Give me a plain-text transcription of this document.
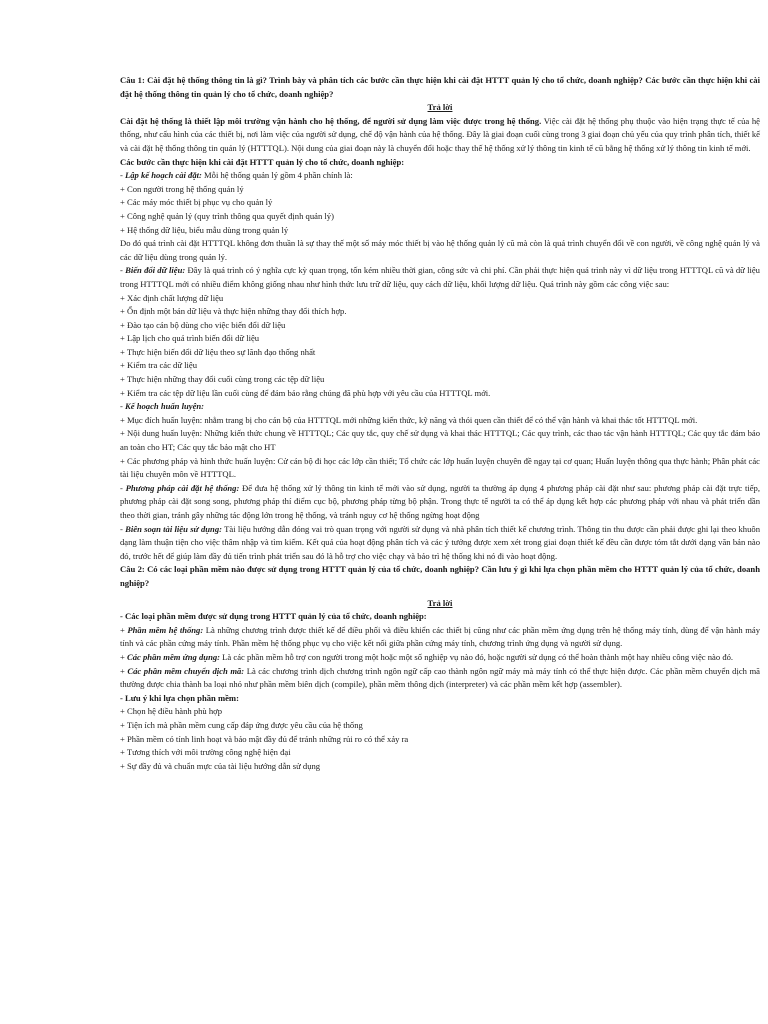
Câu 1: Cài đặt hệ thống thông tin là gì? Trình bày và phân tích các bước cần thực hiện khi cài đặt HTTT quản lý cho tổ chức, doanh nghiệp? Các bước cần thực hiện khi cài đặt hệ thống thông tin quản lý cho tổ chức, doanh nghiệp?

Trả lời

Cài đặt hệ thống là thiết lập môi trường vận hành cho hệ thống, để người sử dụng làm việc được trong hệ thống. Việc cài đặt hệ thống phụ thuộc vào hiện trạng thực tế của hệ thống, như cấu hình của các thiết bị, nơi làm việc của người sử dụng, chế độ vận hành của hệ thống. Đây là giai đoạn cuối cùng trong 3 giai đoạn chủ yếu của quy trình phân tích, thiết kế và cài đặt hệ thống thông tin quản lý (HTTTQL). Nội dung của giai đoạn này là chuyển đổi hoặc thay thế hệ thống xử lý thông tin kinh tế cũ bằng hệ thống xử lý thông tin kinh tế mới.

Các bước cần thực hiện khi cài đặt HTTT quản lý cho tổ chức, doanh nghiệp:

- Lập kế hoạch cài đặt: Mỗi hệ thống quản lý gồm 4 phần chính là:

+ Con người trong hệ thống quản lý

+ Các máy móc thiết bị phục vụ cho quản lý

+ Công nghệ quản lý (quy trình thông qua quyết định quản lý)

+ Hệ thống dữ liệu, biểu mẫu dùng trong quản lý

Do đó quá trình cài đặt HTTTQL không đơn thuần là sự thay thế một số máy móc thiết bị vào hệ thống quản lý cũ mà còn là quá trình chuyển đổi về con người, về công nghệ quản lý và các dữ liệu dùng trong quản lý.

- Biến đổi dữ liệu: Đây là quá trình có ý nghĩa cực kỳ quan trọng, tốn kém nhiều thời gian, công sức và chi phí. Cần phải thực hiện quá trình này vì dữ liệu trong HTTTQL cũ và dữ liệu trong HTTTQL mới có nhiều điểm không giống nhau như hình thức lưu trữ dữ liệu, quy cách dữ liệu, khối lượng dữ liệu. Quá trình này gồm các công việc sau:

+ Xác định chất lượng dữ liệu

+ Ổn định một bản dữ liệu và thực hiện những thay đổi thích hợp.

+ Đào tạo cán bộ dùng cho việc biến đổi dữ liệu

+ Lập lịch cho quá trình biến đổi dữ liệu

+ Thực hiện biến đổi dữ liệu theo sự lãnh đạo thống nhất

+ Kiểm tra các dữ liệu

+ Thực hiện những thay đổi cuối cùng trong các tệp dữ liệu

+ Kiểm tra các tệp dữ liệu lần cuối cùng để đảm bảo rằng chúng đã phù hợp với yêu cầu của HTTTQL mới.

- Kế hoạch huấn luyện:

+ Mục đích huấn luyện: nhằm trang bị cho cán bộ của HTTTQL mới những kiến thức, kỹ năng và thói quen cần thiết để có thể vận hành và khai thác tốt HTTTQL mới.

+ Nội dung huấn luyện: Những kiến thức chung về HTTTQL; Các quy tắc, quy chế sử dụng và khai thác HTTTQL; Các quy trình, các thao tác vận hành HTTTQL; Các quy tắc đảm bảo an toàn cho HT; Các quy tắc bảo mật cho HT

+ Các phương pháp và hình thức huấn luyện: Cử cán bộ đi học các lớp cần thiết; Tổ chức các lớp huấn luyện chuyên đề ngay tại cơ quan; Huấn luyện thông qua thực hành; Phân phát các tài liệu chuyên môn về HTTTQL.

- Phương pháp cài đặt hệ thống: Để đưa hệ thống xử lý thông tin kinh tế mới vào sử dụng, người ta thường áp dụng 4 phương pháp cài đặt như sau: phương pháp cài đặt trực tiếp, phương pháp cài đặt song song, phương pháp thí điểm cục bộ, phương pháp từng bộ phận. Trong thực tế người ta có thể áp dụng kết hợp các phương pháp với nhau và phát triển dần theo thời gian, tránh gây những tác động lớn trong hệ thống, và tránh nguy cơ hệ thống ngừng hoạt động

- Biên soạn tài liệu sử dụng: Tài liệu hướng dẫn đóng vai trò quan trọng với người sử dụng và nhà phân tích thiết kế chương trình. Thông tin thu được cần phải được ghi lại theo khuôn dạng làm thuận tiện cho việc thâm nhập và tìm kiếm. Kết quả của hoạt động phân tích và các ý tưởng được xem xét trong giai đoạn thiết kế đều cần được tóm tắt dưới dạng văn bản nào đó, trước hết để giúp làm đầy đủ tiến trình phát triển sau đó là hỗ trợ cho việc chạy và bảo trì hệ thống khi nó đi vào hoạt động.

Câu 2: Có các loại phần mềm nào được sử dụng trong HTTT quản lý của tổ chức, doanh nghiệp? Cần lưu ý gì khi lựa chọn phần mềm cho HTTT quản lý của tổ chức, doanh nghiệp?

Trả lời

- Các loại phần mềm được sử dụng trong HTTT quản lý của tổ chức, doanh nghiệp:

+ Phần mềm hệ thống: Là những chương trình được thiết kế để điều phối và điều khiển các thiết bị cũng như các phần mềm ứng dụng trên hệ thống máy tính, dùng để vận hành máy tính và các phần cứng máy tính. Phần mềm hệ thống phục vụ cho việc kết nối giữa phần cứng máy tính, chương trình ứng dụng và người sử dụng.

+ Các phần mềm ứng dụng: Là các phần mềm hỗ trợ con người trong một hoặc một số nghiệp vụ nào đó, hoặc người sử dụng có thể hoàn thành một hay nhiều công việc nào đó.

+ Các phần mềm chuyển dịch mã: Là các chương trình dịch chương trình ngôn ngữ cấp cao thành ngôn ngữ máy mà máy tính có thể thực hiện được. Các phần mềm chuyển dịch mã thường được chia thành ba loại nhỏ như phần mềm biên dịch (compile), phần mềm thông dịch (interpreter) và các phần mềm kết hợp (assembler).

- Lưu ý khi lựa chọn phần mềm:

+ Chọn hệ điều hành phù hợp

+ Tiện ích mà phần mềm cung cấp đáp ứng được yêu cầu của hệ thống

+ Phần mềm có tính linh hoạt và bảo mật đầy đủ để tránh những rủi ro có thể xảy ra

+ Tương thích với môi trường công nghệ hiện đại

+ Sự đầy đủ và chuẩn mực của tài liệu hướng dẫn sử dụng
